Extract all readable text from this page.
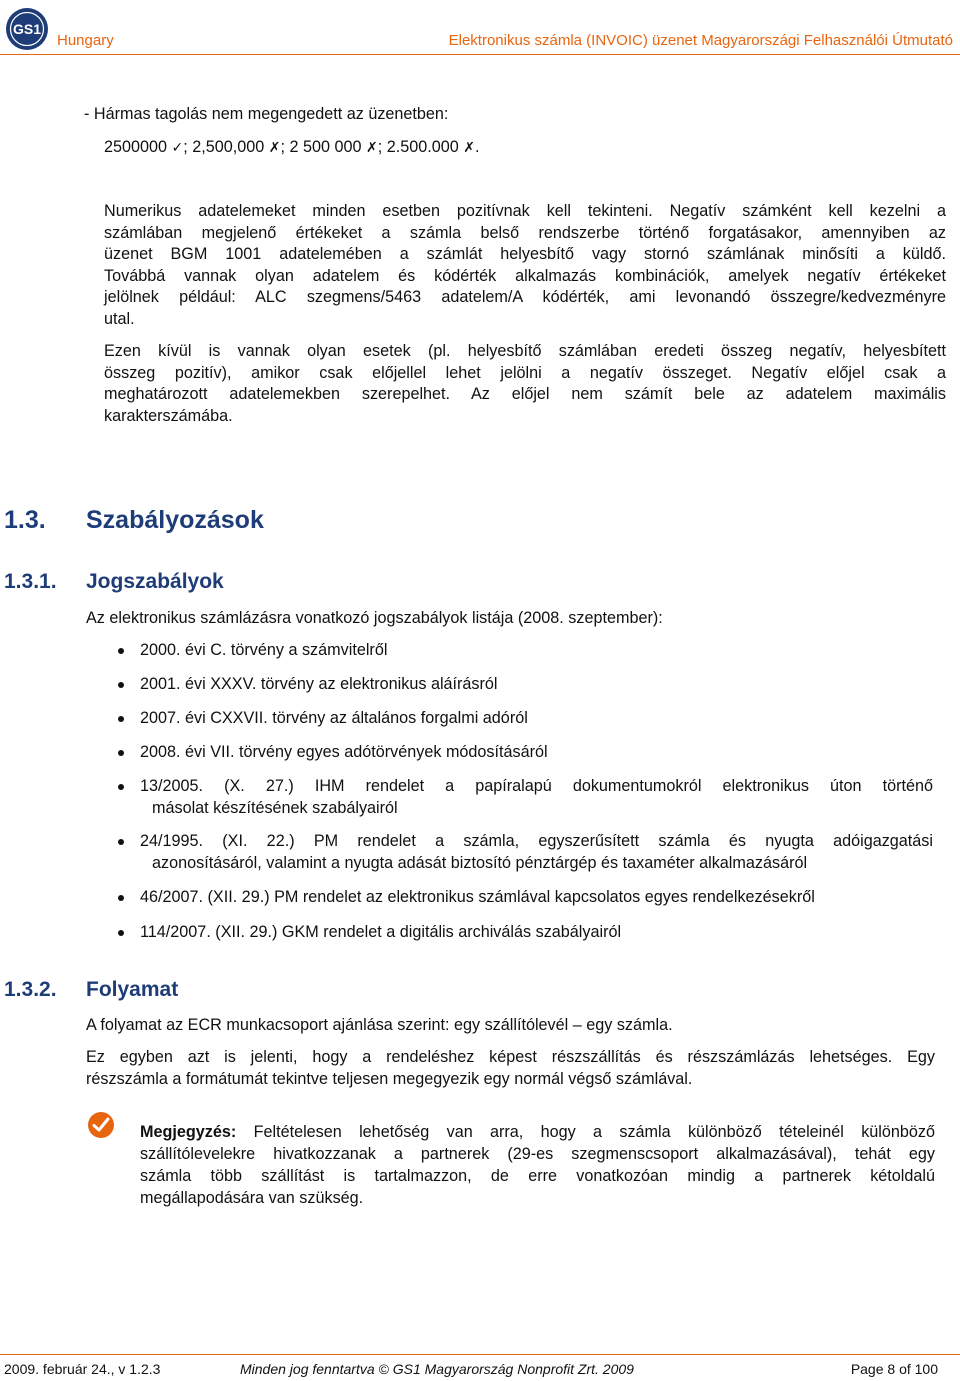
GS1
Hungary	Elektronikus számla (INVOIC) üzenet Magyarországi Felhasználói Útmutató
- Hármas tagolás nem megengedett az üzenetben:
2500000 ✓; 2,500,000 ✗; 2 500 000 ✗; 2.500.000 ✗.
Numerikus adatelemeket minden esetben pozitívnak kell tekinteni. Negatív számként kell kezelni a
számlában megjelenő értékeket a számla belső rendszerbe történő forgatásakor, amennyiben az
üzenet BGM 1001 adatelemében a számlát helyesbítő vagy stornó számlának minősíti a küldő.
Továbbá vannak olyan adatelem és kódérték alkalmazás kombinációk, amelyek negatív értékeket
jelölnek például: ALC szegmens/5463 adatelem/A kódérték, ami levonandó összegre/kedvezményre
utal.
Ezen kívül is vannak olyan esetek (pl. helyesbítő számlában eredeti összeg negatív, helyesbített
összeg pozitív), amikor csak előjellel lehet jelölni a negatív összeget. Negatív előjel csak a
meghatározott adatelemekben szerepelhet. Az előjel nem számít bele az adatelem maximális
karakterszámába.
1.3. Szabályozások
1.3.1. Jogszabályok
Az elektronikus számlázásra vonatkozó jogszabályok listája (2008. szeptember):
2000. évi C. törvény a számvitelről
2001. évi XXXV. törvény az elektronikus aláírásról
2007. évi CXXVII. törvény az általános forgalmi adóról
2008. évi VII. törvény egyes adótörvények módosításáról
13/2005. (X. 27.) IHM rendelet a papíralapú dokumentumokról elektronikus úton történő
másolat készítésének szabályairól
24/1995. (XI. 22.) PM rendelet a számla, egyszerűsített számla és nyugta adóigazgatási
azonosításáról, valamint a nyugta adását biztosító pénztárgép és taxaméter alkalmazásáról
46/2007. (XII. 29.) PM rendelet az elektronikus számlával kapcsolatos egyes rendelkezésekről
114/2007. (XII. 29.) GKM rendelet a digitális archiválás szabályairól
1.3.2. Folyamat
A folyamat az ECR munkacsoport ajánlása szerint: egy szállítólevél – egy számla.
Ez egyben azt is jelenti, hogy a rendeléshez képest részszállítás és részszámlázás lehetséges. Egy
részszámla a formátumát tekintve teljesen megegyezik egy normál végső számlával.
Megjegyzés: Feltételesen lehetőség van arra, hogy a számla különböző tételeinél különböző
szállítólevelekre hivatkozzanak a partnerek (29-es szegmenscsoport alkalmazásával), tehát egy
számla több szállítást is tartalmazzon, de erre vonatkozóan mindig a partnerek kétoldalú
megállapodására van szükség.
2009. február 24., v 1.2.3	Minden jog fenntartva © GS1 Magyarország Nonprofit Zrt. 2009	Page 8 of 100
